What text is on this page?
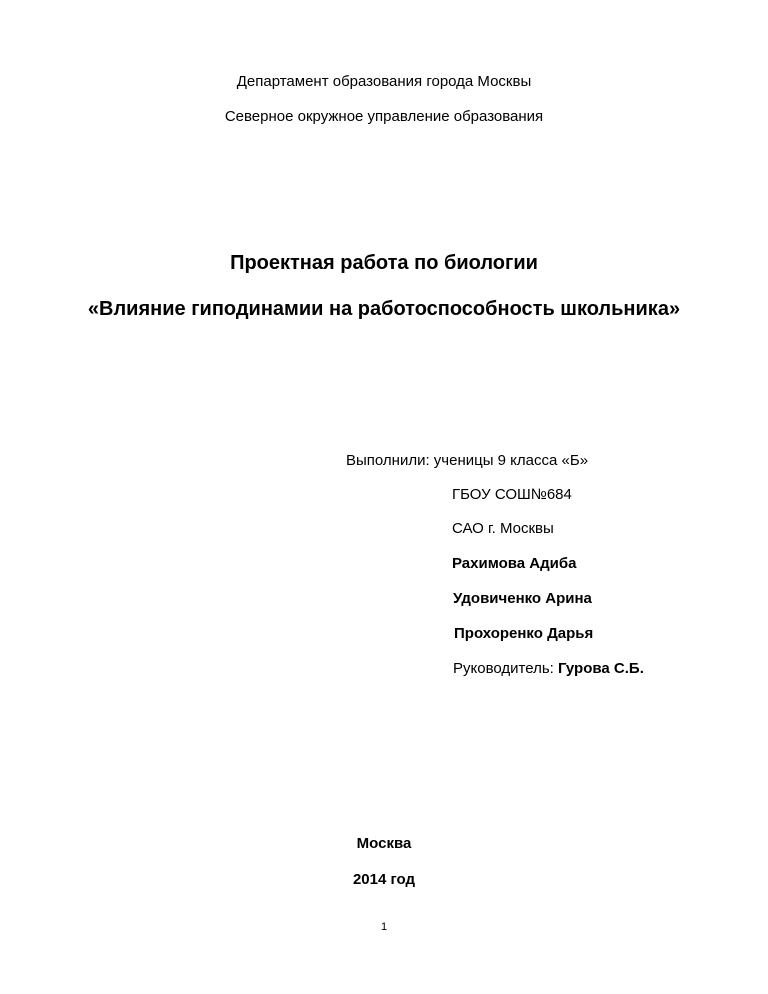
Департамент образования города Москвы
Северное окружное управление образования
Проектная работа по биологии
«Влияние гиподинамии на работоспособность школьника»
Выполнили: ученицы 9 класса «Б»
ГБОУ СОШ№684
САО г. Москвы
Рахимова Адиба
Удовиченко Арина
Прохоренко Дарья
Руководитель: Гурова С.Б.
Москва
2014 год
1
